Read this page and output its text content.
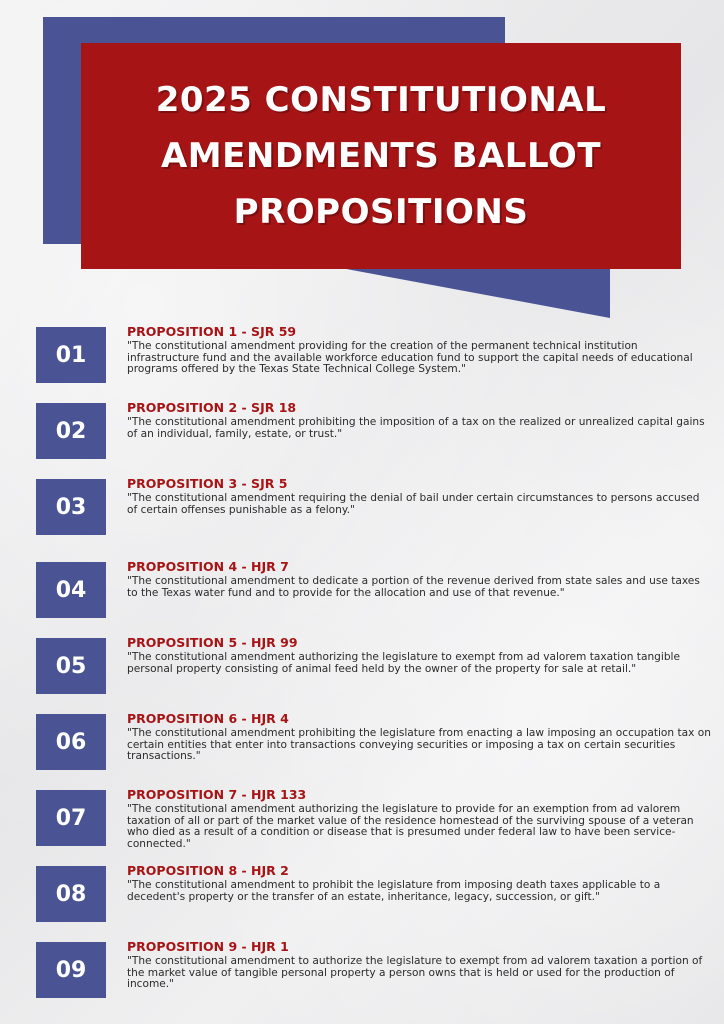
2025 CONSTITUTIONAL AMENDMENTS BALLOT PROPOSITIONS
01
PROPOSITION 1 - SJR 59
"The constitutional amendment providing for the creation of the permanent technical institution infrastructure fund and the available workforce education fund to support the capital needs of educational programs offered by the Texas State Technical College System."
02
PROPOSITION 2 - SJR 18
"The constitutional amendment prohibiting the imposition of a tax on the realized or unrealized capital gains of an individual, family, estate, or trust."
03
PROPOSITION 3 - SJR 5
"The constitutional amendment requiring the denial of bail under certain circumstances to persons accused of certain offenses punishable as a felony."
04
PROPOSITION 4 - HJR 7
"The constitutional amendment to dedicate a portion of the revenue derived from state sales and use taxes to the Texas water fund and to provide for the allocation and use of that revenue."
05
PROPOSITION 5 - HJR 99
"The constitutional amendment authorizing the legislature to exempt from ad valorem taxation tangible personal property consisting of animal feed held by the owner of the property for sale at retail."
06
PROPOSITION 6 - HJR 4
"The constitutional amendment prohibiting the legislature from enacting a law imposing an occupation tax on certain entities that enter into transactions conveying securities or imposing a tax on certain securities transactions."
07
PROPOSITION 7 - HJR 133
"The constitutional amendment authorizing the legislature to provide for an exemption from ad valorem taxation of all or part of the market value of the residence homestead of the surviving spouse of a veteran who died as a result of a condition or disease that is presumed under federal law to have been service-connected."
08
PROPOSITION 8 - HJR 2
"The constitutional amendment to prohibit the legislature from imposing death taxes applicable to a decedent's property or the transfer of an estate, inheritance, legacy, succession, or gift."
09
PROPOSITION 9 - HJR 1
"The constitutional amendment to authorize the legislature to exempt from ad valorem taxation a portion of the market value of tangible personal property a person owns that is held or used for the production of income."
